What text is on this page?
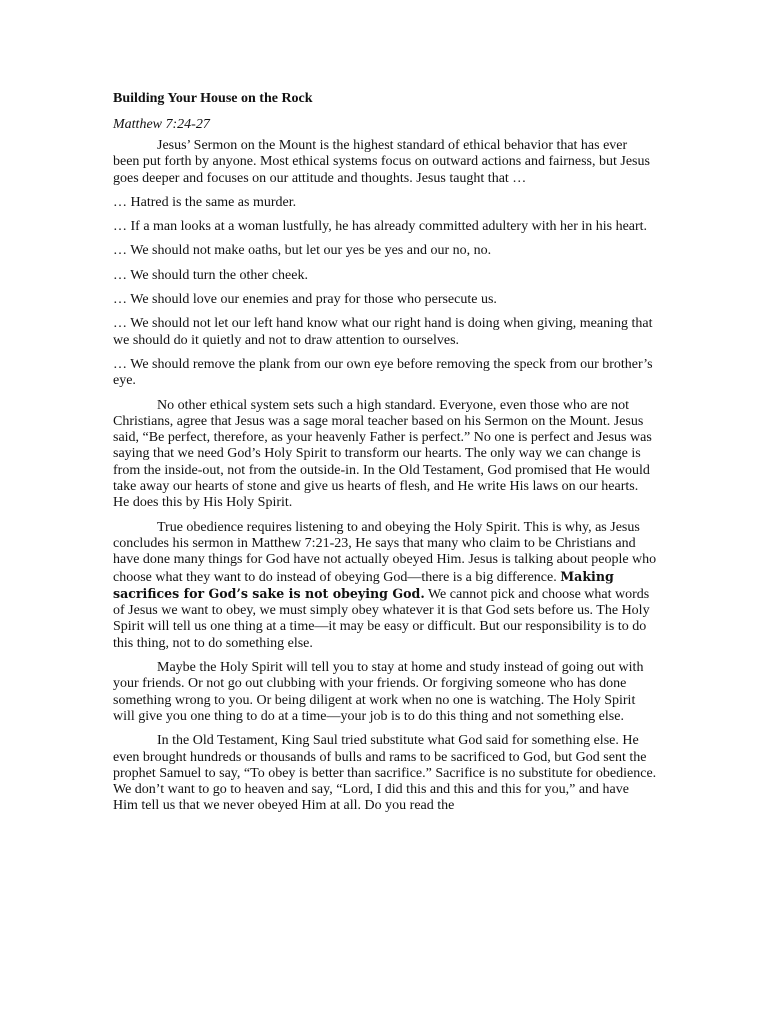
Building Your House on the Rock
Matthew 7:24-27

Jesus’ Sermon on the Mount is the highest standard of ethical behavior that has ever been put forth by anyone. Most ethical systems focus on outward actions and fairness, but Jesus goes deeper and focuses on our attitude and thoughts. Jesus taught that …

… Hatred is the same as murder.

… If a man looks at a woman lustfully, he has already committed adultery with her in his heart.

… We should not make oaths, but let our yes be yes and our no, no.

… We should turn the other cheek.

… We should love our enemies and pray for those who persecute us.

… We should not let our left hand know what our right hand is doing when giving, meaning that we should do it quietly and not to draw attention to ourselves.

… We should remove the plank from our own eye before removing the speck from our brother’s eye.

No other ethical system sets such a high standard. Everyone, even those who are not Christians, agree that Jesus was a sage moral teacher based on his Sermon on the Mount. Jesus said, “Be perfect, therefore, as your heavenly Father is perfect.” No one is perfect and Jesus was saying that we need God’s Holy Spirit to transform our hearts. The only way we can change is from the inside-out, not from the outside-in. In the Old Testament, God promised that He would take away our hearts of stone and give us hearts of flesh, and He write His laws on our hearts. He does this by His Holy Spirit.

True obedience requires listening to and obeying the Holy Spirit. This is why, as Jesus concludes his sermon in Matthew 7:21-23, He says that many who claim to be Christians and have done many things for God have not actually obeyed Him. Jesus is talking about people who choose what they want to do instead of obeying God—there is a big difference. Making sacrifices for God’s sake is not obeying God. We cannot pick and choose what words of Jesus we want to obey, we must simply obey whatever it is that God sets before us. The Holy Spirit will tell us one thing at a time—it may be easy or difficult. But our responsibility is to do this thing, not to do something else.

Maybe the Holy Spirit will tell you to stay at home and study instead of going out with your friends. Or not go out clubbing with your friends. Or forgiving someone who has done something wrong to you. Or being diligent at work when no one is watching. The Holy Spirit will give you one thing to do at a time—your job is to do this thing and not something else.

In the Old Testament, King Saul tried substitute what God said for something else. He even brought hundreds or thousands of bulls and rams to be sacrificed to God, but God sent the prophet Samuel to say, “To obey is better than sacrifice.” Sacrifice is no substitute for obedience. We don’t want to go to heaven and say, “Lord, I did this and this and this for you,” and have Him tell us that we never obeyed Him at all. Do you read the
